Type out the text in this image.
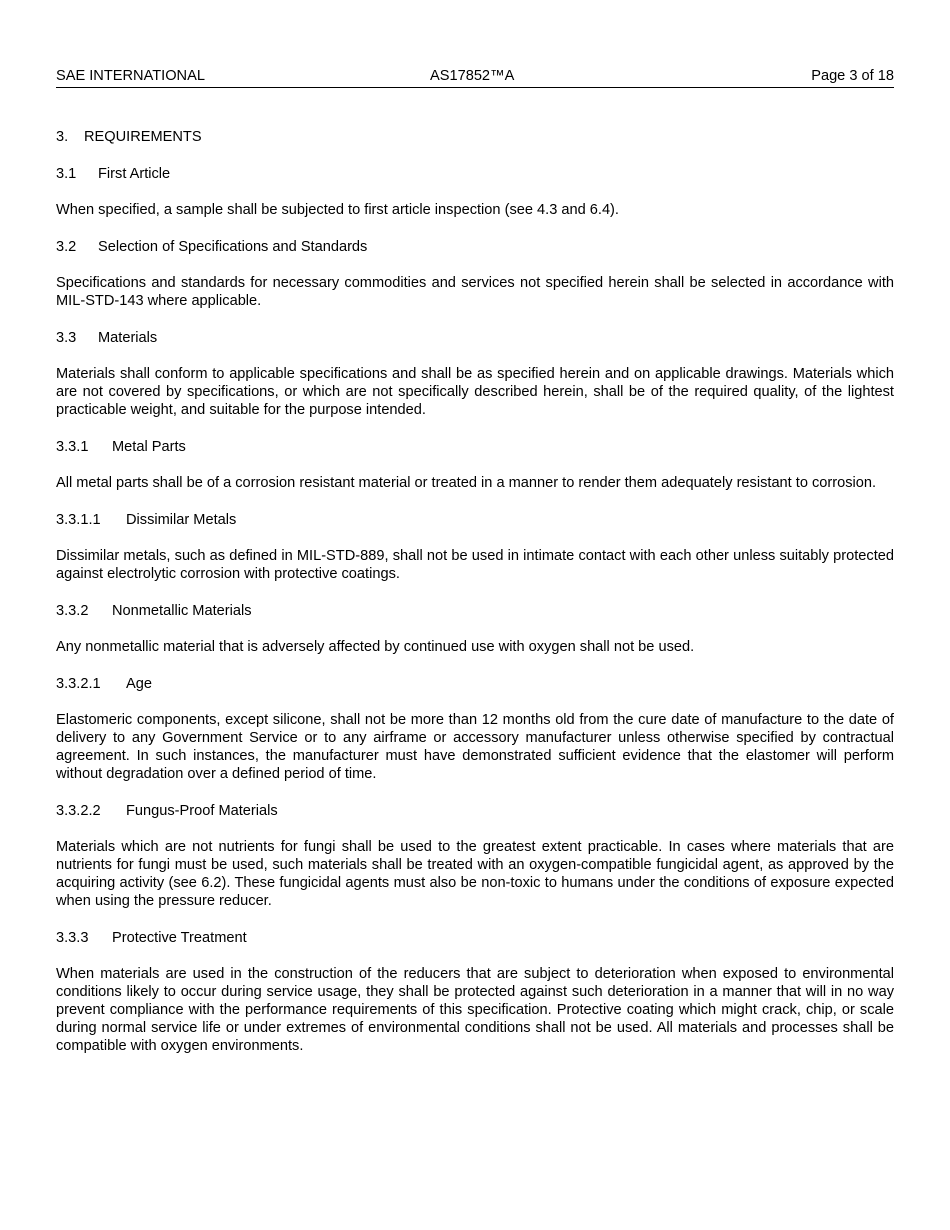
SAE INTERNATIONAL	AS17852™A	Page 3 of 18
3.	REQUIREMENTS
3.1	First Article

When specified, a sample shall be subjected to first article inspection (see 4.3 and 6.4).

3.2	Selection of Specifications and Standards

Specifications and standards for necessary commodities and services not specified herein shall be selected in accordance with MIL-STD-143 where applicable.

3.3	Materials

Materials shall conform to applicable specifications and shall be as specified herein and on applicable drawings. Materials which are not covered by specifications, or which are not specifically described herein, shall be of the required quality, of the lightest practicable weight, and suitable for the purpose intended.

3.3.1	Metal Parts

All metal parts shall be of a corrosion resistant material or treated in a manner to render them adequately resistant to corrosion.

3.3.1.1	Dissimilar Metals

Dissimilar metals, such as defined in MIL-STD-889, shall not be used in intimate contact with each other unless suitably protected against electrolytic corrosion with protective coatings.

3.3.2	Nonmetallic Materials

Any nonmetallic material that is adversely affected by continued use with oxygen shall not be used.

3.3.2.1	Age

Elastomeric components, except silicone, shall not be more than 12 months old from the cure date of manufacture to the date of delivery to any Government Service or to any airframe or accessory manufacturer unless otherwise specified by contractual agreement. In such instances, the manufacturer must have demonstrated sufficient evidence that the elastomer will perform without degradation over a defined period of time.

3.3.2.2	Fungus-Proof Materials

Materials which are not nutrients for fungi shall be used to the greatest extent practicable. In cases where materials that are nutrients for fungi must be used, such materials shall be treated with an oxygen-compatible fungicidal agent, as approved by the acquiring activity (see 6.2). These fungicidal agents must also be non-toxic to humans under the conditions of exposure expected when using the pressure reducer.

3.3.3	Protective Treatment

When materials are used in the construction of the reducers that are subject to deterioration when exposed to environmental conditions likely to occur during service usage, they shall be protected against such deterioration in a manner that will in no way prevent compliance with the performance requirements of this specification. Protective coating which might crack, chip, or scale during normal service life or under extremes of environmental conditions shall not be used. All materials and processes shall be compatible with oxygen environments.
